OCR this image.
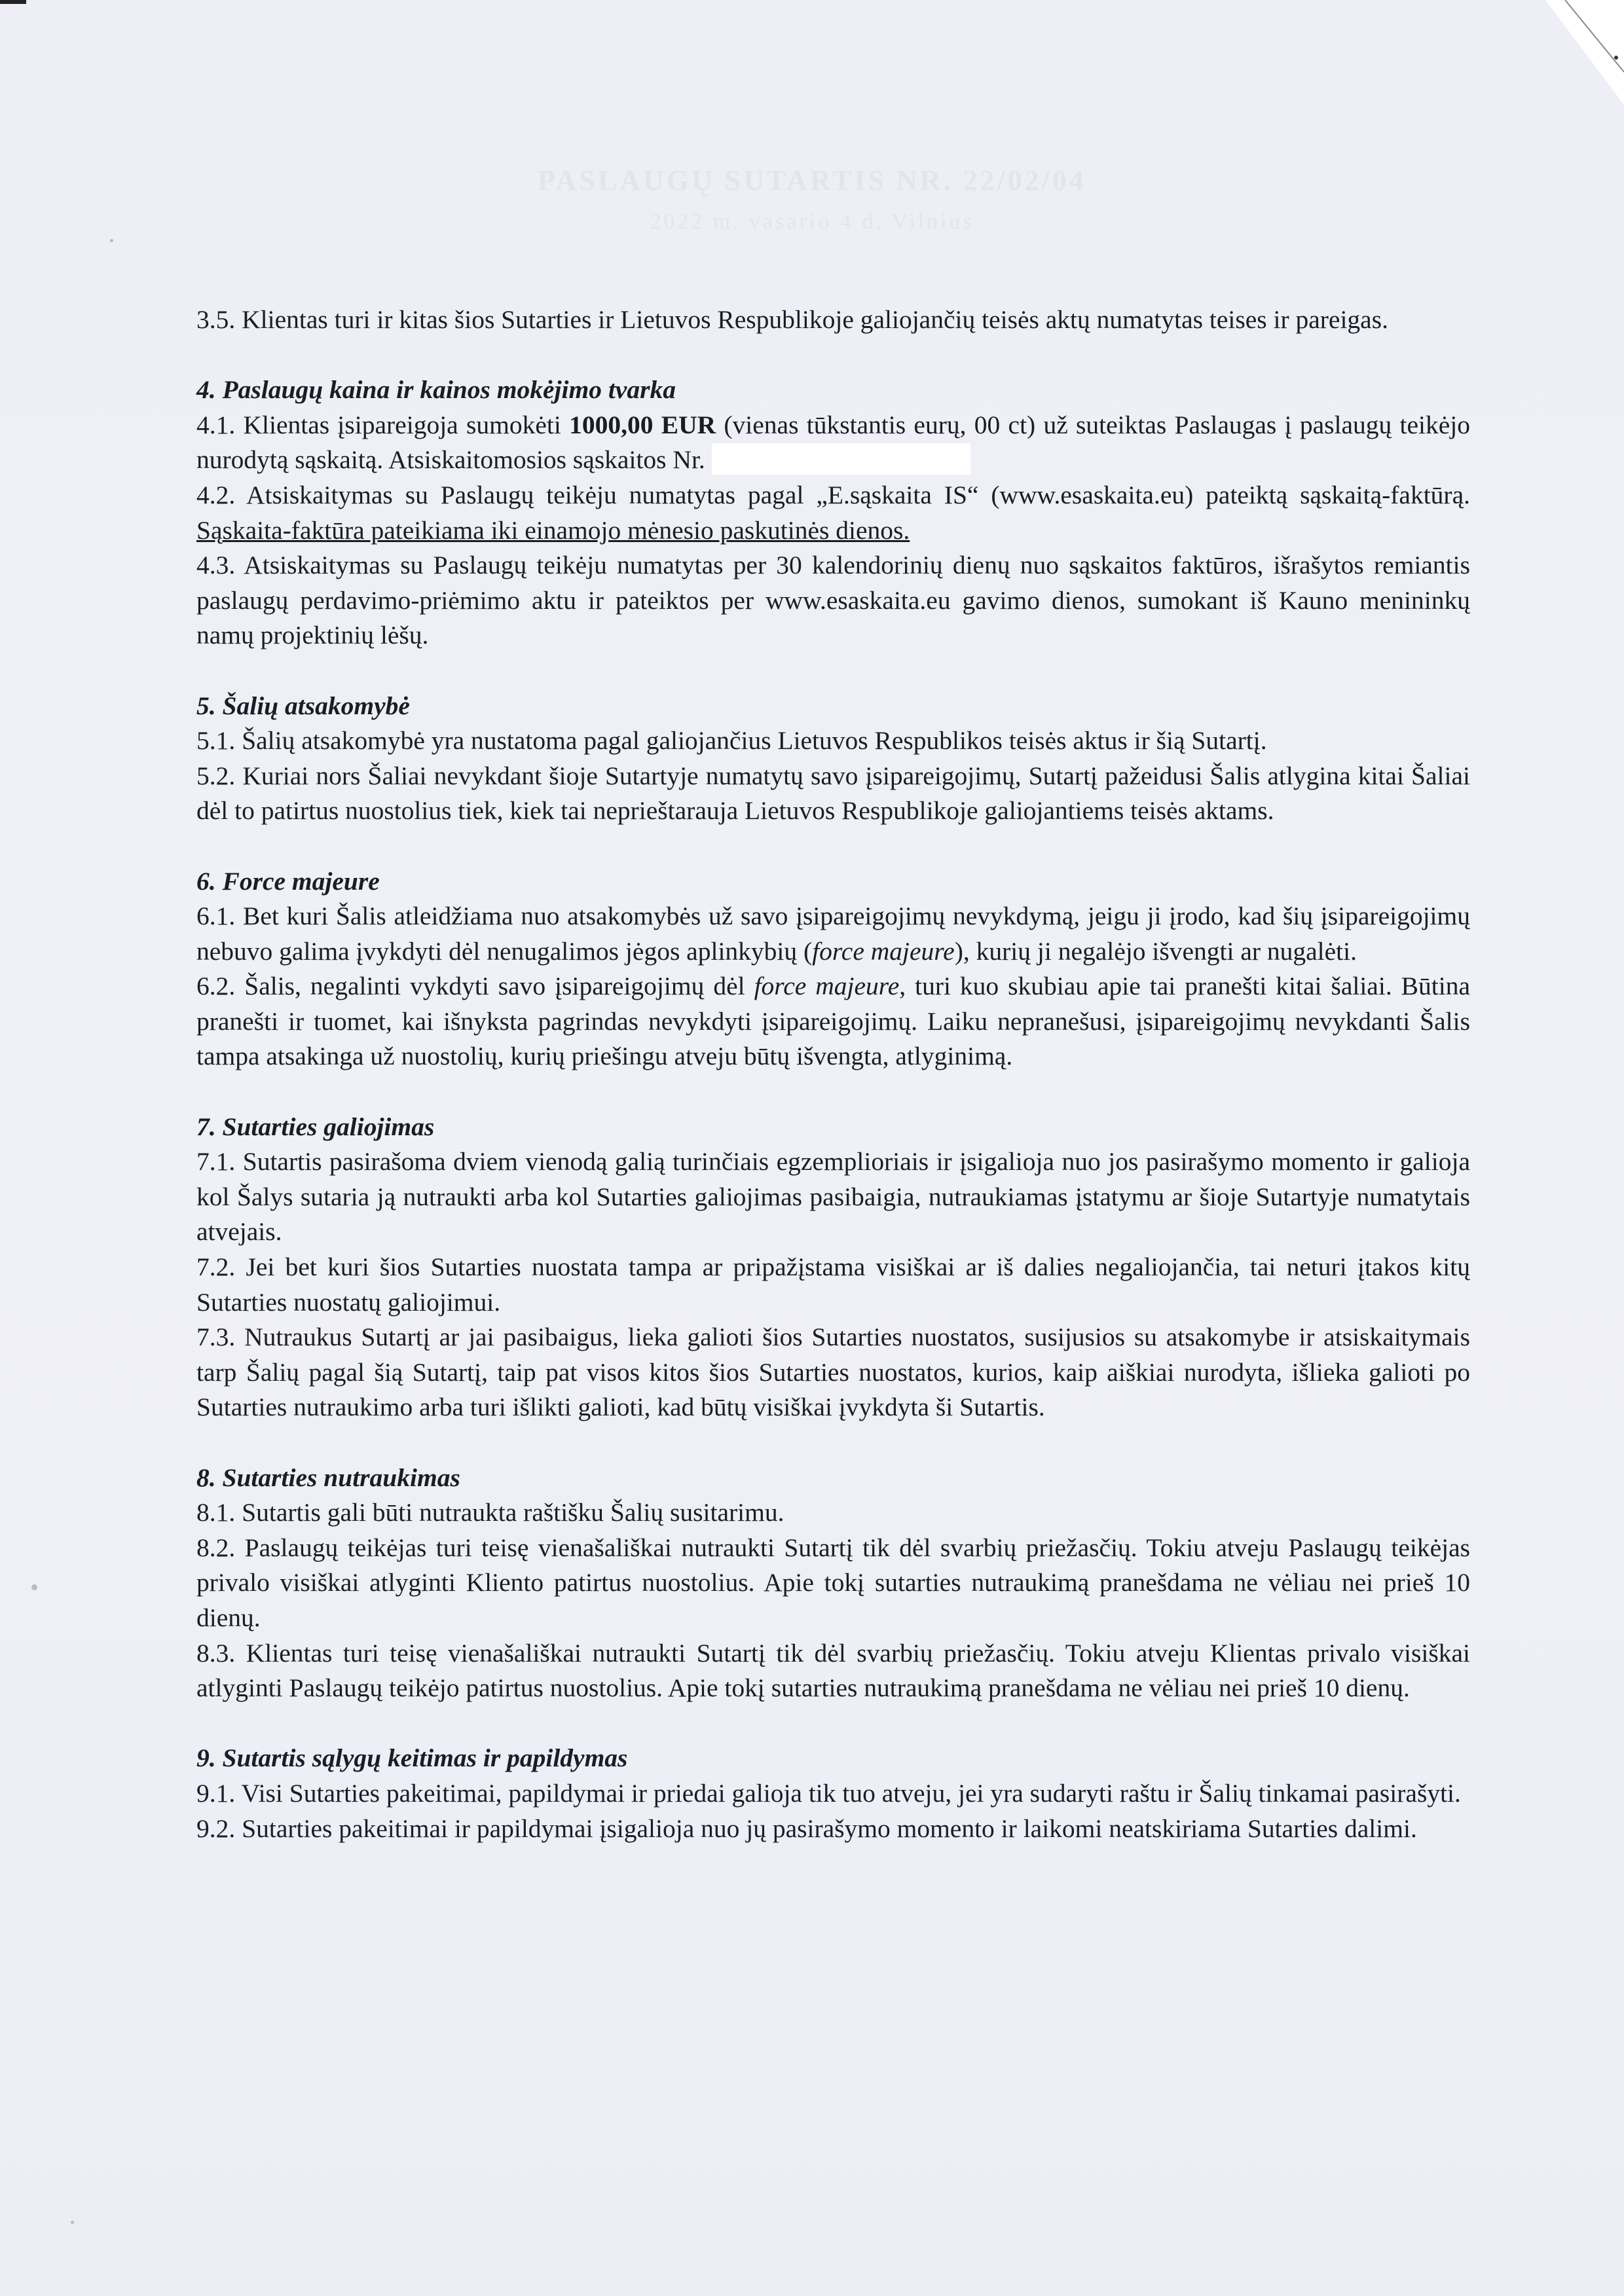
PASLAUGŲ SUTARTIS NR. 22/02/04
2022 m. vasario 4 d. Vilnius

3.5. Klientas turi ir kitas šios Sutarties ir Lietuvos Respublikoje galiojančių teisės aktų numatytas teises ir pareigas.

4. Paslaugų kaina ir kainos mokėjimo tvarka

4.1. Klientas įsipareigoja sumokėti 1000,00 EUR (vienas tūkstantis eurų, 00 ct) už suteiktas Paslaugas į paslaugų teikėjo nurodytą sąskaitą. Atsiskaitomosios sąskaitos Nr.

4.2. Atsiskaitymas su Paslaugų teikėju numatytas pagal „E.sąskaita IS“ (www.esaskaita.eu) pateiktą sąskaitą-faktūrą. Sąskaita-faktūra pateikiama iki einamojo mėnesio paskutinės dienos.

4.3. Atsiskaitymas su Paslaugų teikėju numatytas per 30 kalendorinių dienų nuo sąskaitos faktūros, išrašytos remiantis paslaugų perdavimo-priėmimo aktu ir pateiktos per www.esaskaita.eu gavimo dienos, sumokant iš Kauno menininkų namų projektinių lėšų.

5. Šalių atsakomybė

5.1. Šalių atsakomybė yra nustatoma pagal galiojančius Lietuvos Respublikos teisės aktus ir šią Sutartį.

5.2. Kuriai nors Šaliai nevykdant šioje Sutartyje numatytų savo įsipareigojimų, Sutartį pažeidusi Šalis atlygina kitai Šaliai dėl to patirtus nuostolius tiek, kiek tai neprieštarauja Lietuvos Respublikoje galiojantiems teisės aktams.

6. Force majeure

6.1. Bet kuri Šalis atleidžiama nuo atsakomybės už savo įsipareigojimų nevykdymą, jeigu ji įrodo, kad šių įsipareigojimų nebuvo galima įvykdyti dėl nenugalimos jėgos aplinkybių (force majeure), kurių ji negalėjo išvengti ar nugalėti.

6.2. Šalis, negalinti vykdyti savo įsipareigojimų dėl force majeure, turi kuo skubiau apie tai pranešti kitai šaliai. Būtina pranešti ir tuomet, kai išnyksta pagrindas nevykdyti įsipareigojimų. Laiku nepranešusi, įsipareigojimų nevykdanti Šalis tampa atsakinga už nuostolių, kurių priešingu atveju būtų išvengta, atlyginimą.

7. Sutarties galiojimas

7.1. Sutartis pasirašoma dviem vienodą galią turinčiais egzemplioriais ir įsigalioja nuo jos pasirašymo momento ir galioja kol Šalys sutaria ją nutraukti arba kol Sutarties galiojimas pasibaigia, nutraukiamas įstatymu ar šioje Sutartyje numatytais atvejais.

7.2. Jei bet kuri šios Sutarties nuostata tampa ar pripažįstama visiškai ar iš dalies negaliojančia, tai neturi įtakos kitų Sutarties nuostatų galiojimui.

7.3. Nutraukus Sutartį ar jai pasibaigus, lieka galioti šios Sutarties nuostatos, susijusios su atsakomybe ir atsiskaitymais tarp Šalių pagal šią Sutartį, taip pat visos kitos šios Sutarties nuostatos, kurios, kaip aiškiai nurodyta, išlieka galioti po Sutarties nutraukimo arba turi išlikti galioti, kad būtų visiškai įvykdyta ši Sutartis.

8. Sutarties nutraukimas

8.1. Sutartis gali būti nutraukta raštišku Šalių susitarimu.

8.2. Paslaugų teikėjas turi teisę vienašališkai nutraukti Sutartį tik dėl svarbių priežasčių. Tokiu atveju Paslaugų teikėjas privalo visiškai atlyginti Kliento patirtus nuostolius. Apie tokį sutarties nutraukimą pranešdama ne vėliau nei prieš 10 dienų.

8.3. Klientas turi teisę vienašališkai nutraukti Sutartį tik dėl svarbių priežasčių. Tokiu atveju Klientas privalo visiškai atlyginti Paslaugų teikėjo patirtus nuostolius. Apie tokį sutarties nutraukimą pranešdama ne vėliau nei prieš 10 dienų.

9. Sutartis sąlygų keitimas ir papildymas

9.1. Visi Sutarties pakeitimai, papildymai ir priedai galioja tik tuo atveju, jei yra sudaryti raštu ir Šalių tinkamai pasirašyti.

9.2. Sutarties pakeitimai ir papildymai įsigalioja nuo jų pasirašymo momento ir laikomi neatskiriama Sutarties dalimi.
